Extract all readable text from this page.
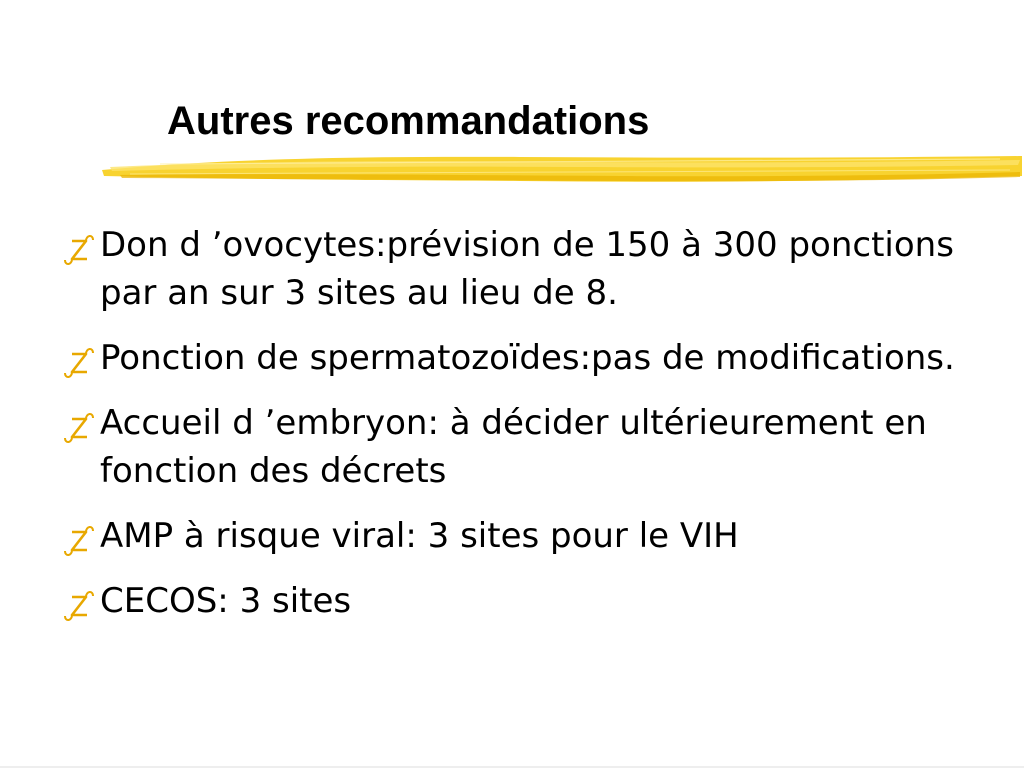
Autres recommandations
Don d ’ovocytes:prévision de 150 à 300 ponctions par an sur 3 sites au lieu de 8.
Ponction de spermatozoïdes:pas de modifications.
Accueil d ’embryon: à décider ultérieurement en fonction des décrets
AMP à risque viral: 3 sites pour le VIH
CECOS: 3 sites
